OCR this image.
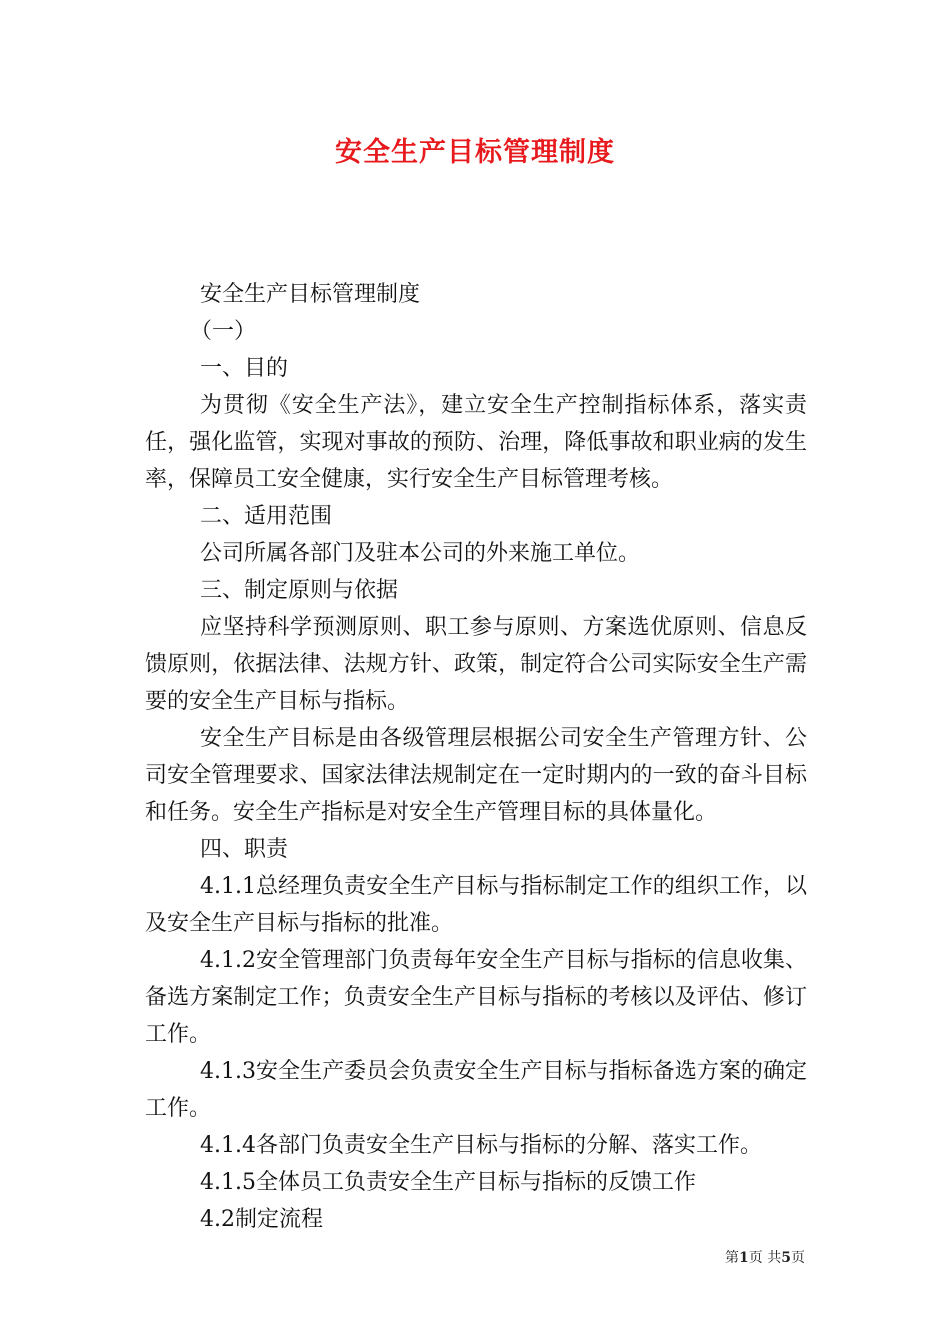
安全生产目标管理制度

安全生产目标管理制度

（一）

一、目的

为贯彻《安全生产法》，建立安全生产控制指标体系，落实责任，强化监管，实现对事故的预防、治理，降低事故和职业病的发生率，保障员工安全健康，实行安全生产目标管理考核。

二、适用范围

公司所属各部门及驻本公司的外来施工单位。

三、制定原则与依据

应坚持科学预测原则、职工参与原则、方案选优原则、信息反馈原则，依据法律、法规方针、政策，制定符合公司实际安全生产需要的安全生产目标与指标。

安全生产目标是由各级管理层根据公司安全生产管理方针、公司安全管理要求、国家法律法规制定在一定时期内的一致的奋斗目标和任务。安全生产指标是对安全生产管理目标的具体量化。

四、职责

4.1.1总经理负责安全生产目标与指标制定工作的组织工作，以及安全生产目标与指标的批准。

4.1.2安全管理部门负责每年安全生产目标与指标的信息收集、备选方案制定工作；负责安全生产目标与指标的考核以及评估、修订工作。

4.1.3安全生产委员会负责安全生产目标与指标备选方案的确定工作。

4.1.4各部门负责安全生产目标与指标的分解、落实工作。

4.1.5全体员工负责安全生产目标与指标的反馈工作

4.2制定流程

第1页 共5页
